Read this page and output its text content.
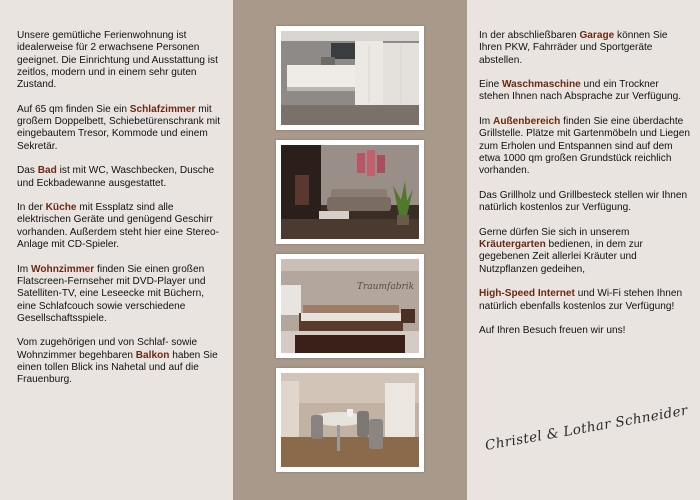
Unsere gemütliche Ferienwohnung ist idealerweise für 2 erwachsene Personen geeignet. Die Einrichtung und Ausstattung ist zeitlos, modern und in einem sehr guten Zustand.

Auf 65 qm finden Sie ein Schlafzimmer mit großem Doppelbett, Schiebetürenschrank mit eingebautem Tresor, Kommode und einem Sekretär.

Das Bad ist mit WC, Waschbecken, Dusche und Eckbadewanne ausgestattet.

In der Küche mit Essplatz sind alle elektrischen Geräte und genügend Geschirr vorhanden. Außerdem steht hier eine Stereo-Anlage mit CD-Spieler.

Im Wohnzimmer finden Sie einen großen Flatscreen-Fernseher mit DVD-Player und Satelliten-TV, eine Leseecke mit Büchern, eine Schlafcouch sowie verschiedene Gesellschaftsspiele.

Vom zugehörigen und von Schlaf- sowie Wohnzimmer begehbaren Balkon haben Sie einen tollen Blick ins Nahetal und auf die Frauenburg.

Traumfabrik

In der abschließbaren Garage können Sie Ihren PKW, Fahrräder und Sportgeräte abstellen.

Eine Waschmaschine und ein Trockner stehen Ihnen nach Absprache zur Verfügung.

Im Außenbereich finden Sie eine überdachte Grillstelle. Plätze mit Gartenmöbeln und Liegen zum Erholen und Entspannen sind auf dem etwa 1000 qm großen Grundstück reichlich vorhanden.

Das Grillholz und Grillbesteck stellen wir Ihnen natürlich kostenlos zur Verfügung.

Gerne dürfen Sie sich in unserem Kräutergarten bedienen, in dem zur gegebenen Zeit allerlei Kräuter und Nutzpflanzen gedeihen,

High-Speed Internet und Wi-Fi stehen Ihnen natürlich ebenfalls kostenlos zur Verfügung!

Auf Ihren Besuch freuen wir uns!

Christel & Lothar Schneider
